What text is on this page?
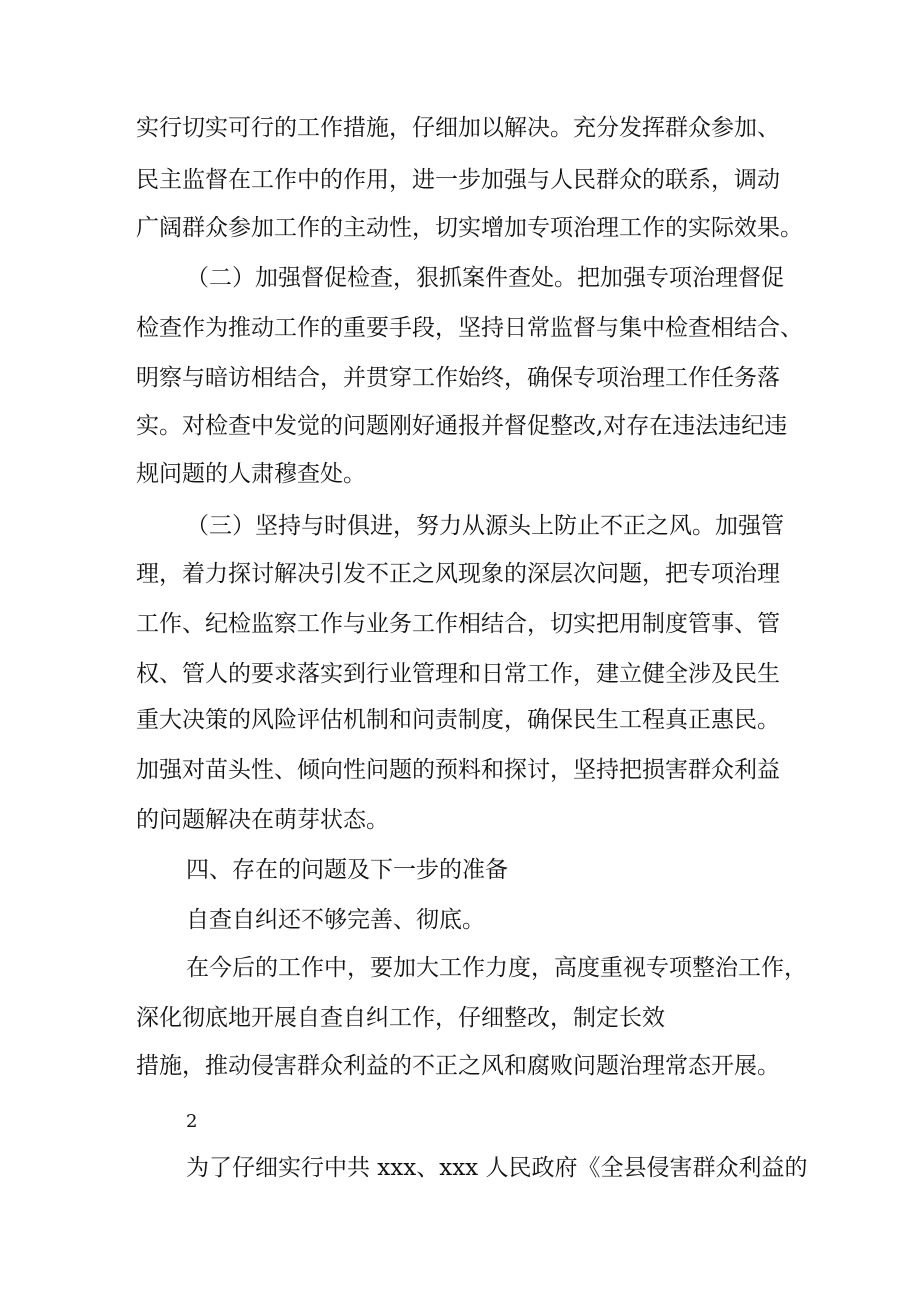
实行切实可行的工作措施，仔细加以解决。充分发挥群众参加、
民主监督在工作中的作用，进一步加强与人民群众的联系，调动
广阔群众参加工作的主动性，切实增加专项治理工作的实际效果。
（二）加强督促检查，狠抓案件查处。把加强专项治理督促
检查作为推动工作的重要手段，坚持日常监督与集中检查相结合、
明察与暗访相结合，并贯穿工作始终，确保专项治理工作任务落
实。对检查中发觉的问题刚好通报并督促整改,对存在违法违纪违
规问题的人肃穆查处。
（三）坚持与时俱进，努力从源头上防止不正之风。加强管
理，着力探讨解决引发不正之风现象的深层次问题，把专项治理
工作、纪检监察工作与业务工作相结合，切实把用制度管事、管
权、管人的要求落实到行业管理和日常工作，建立健全涉及民生
重大决策的风险评估机制和问责制度，确保民生工程真正惠民。
加强对苗头性、倾向性问题的预料和探讨，坚持把损害群众利益
的问题解决在萌芽状态。
四、存在的问题及下一步的准备
自查自纠还不够完善、彻底。
在今后的工作中，要加大工作力度，高度重视专项整治工作，
深化彻底地开展自查自纠工作，仔细整改，制定长效
措施，推动侵害群众利益的不正之风和腐败问题治理常态开展。
2
为了仔细实行中共 xxx、xxx 人民政府《全县侵害群众利益的
